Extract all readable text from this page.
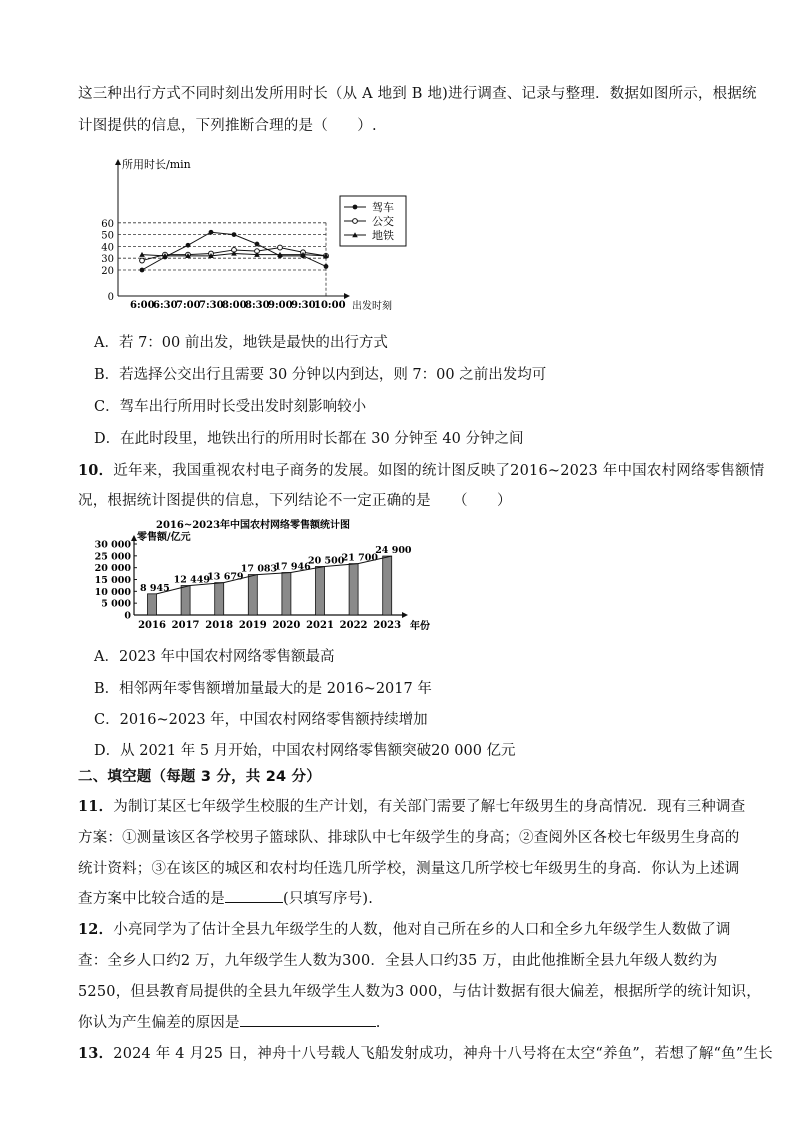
这三种出行方式不同时刻出发所用时长（从 A 地到 B 地)进行调查、记录与整理．数据如图所示，根据统
计图提供的信息，下列推断合理的是（　　）.
所用时长/min
出发时刻
0
20
30
40
50
60
6:00
6:30
7:00
7:30
8:00
8:30
9:00
9:30
10:00
驾车
公交
地铁
A．若 7：00 前出发，地铁是最快的出行方式
B．若选择公交出行且需要 30 分钟以内到达，则 7：00 之前出发均可
C．驾车出行所用时长受出发时刻影响较小
D．在此时段里，地铁出行的所用时长都在 30 分钟至 40 分钟之间
10．近年来，我国重视农村电子商务的发展。如图的统计图反映了2016~2023 年中国农村网络零售额情
况，根据统计图提供的信息，下列结论不一定正确的是　　（　　）
2016~2023年中国农村网络零售额统计图
零售额/亿元
年份
0
5 000
10 000
15 000
20 000
25 000
30 000
2016 2017 2018 2019 2020 2021 2022 2023
8 945
12 449
13 679
17 083
17 946
20 500
21 700
24 900
A．2023 年中国农村网络零售额最高
B．相邻两年零售额增加量最大的是 2016~2017 年
C．2016~2023 年，中国农村网络零售额持续增加
D．从 2021 年 5 月开始，中国农村网络零售额突破20 000 亿元
二、填空题（每题 3 分，共 24 分）
11．为制订某区七年级学生校服的生产计划，有关部门需要了解七年级男生的身高情况．现有三种调查
方案：①测量该区各学校男子篮球队、排球队中七年级学生的身高；②查阅外区各校七年级男生身高的
统计资料；③在该区的城区和农村均任选几所学校，测量这几所学校七年级男生的身高．你认为上述调
查方案中比较合适的是	(只填写序号).
12．小亮同学为了估计全县九年级学生的人数，他对自己所在乡的人口和全乡九年级学生人数做了调
查：全乡人口约2 万，九年级学生人数为300．全县人口约35 万，由此他推断全县九年级人数约为
5250，但县教育局提供的全县九年级学生人数为3 000，与估计数据有很大偏差，根据所学的统计知识，
你认为产生偏差的原因是	.
13．2024 年 4 月25 日，神舟十八号载人飞船发射成功，神舟十八号将在太空“养鱼”，若想了解“鱼”生长
